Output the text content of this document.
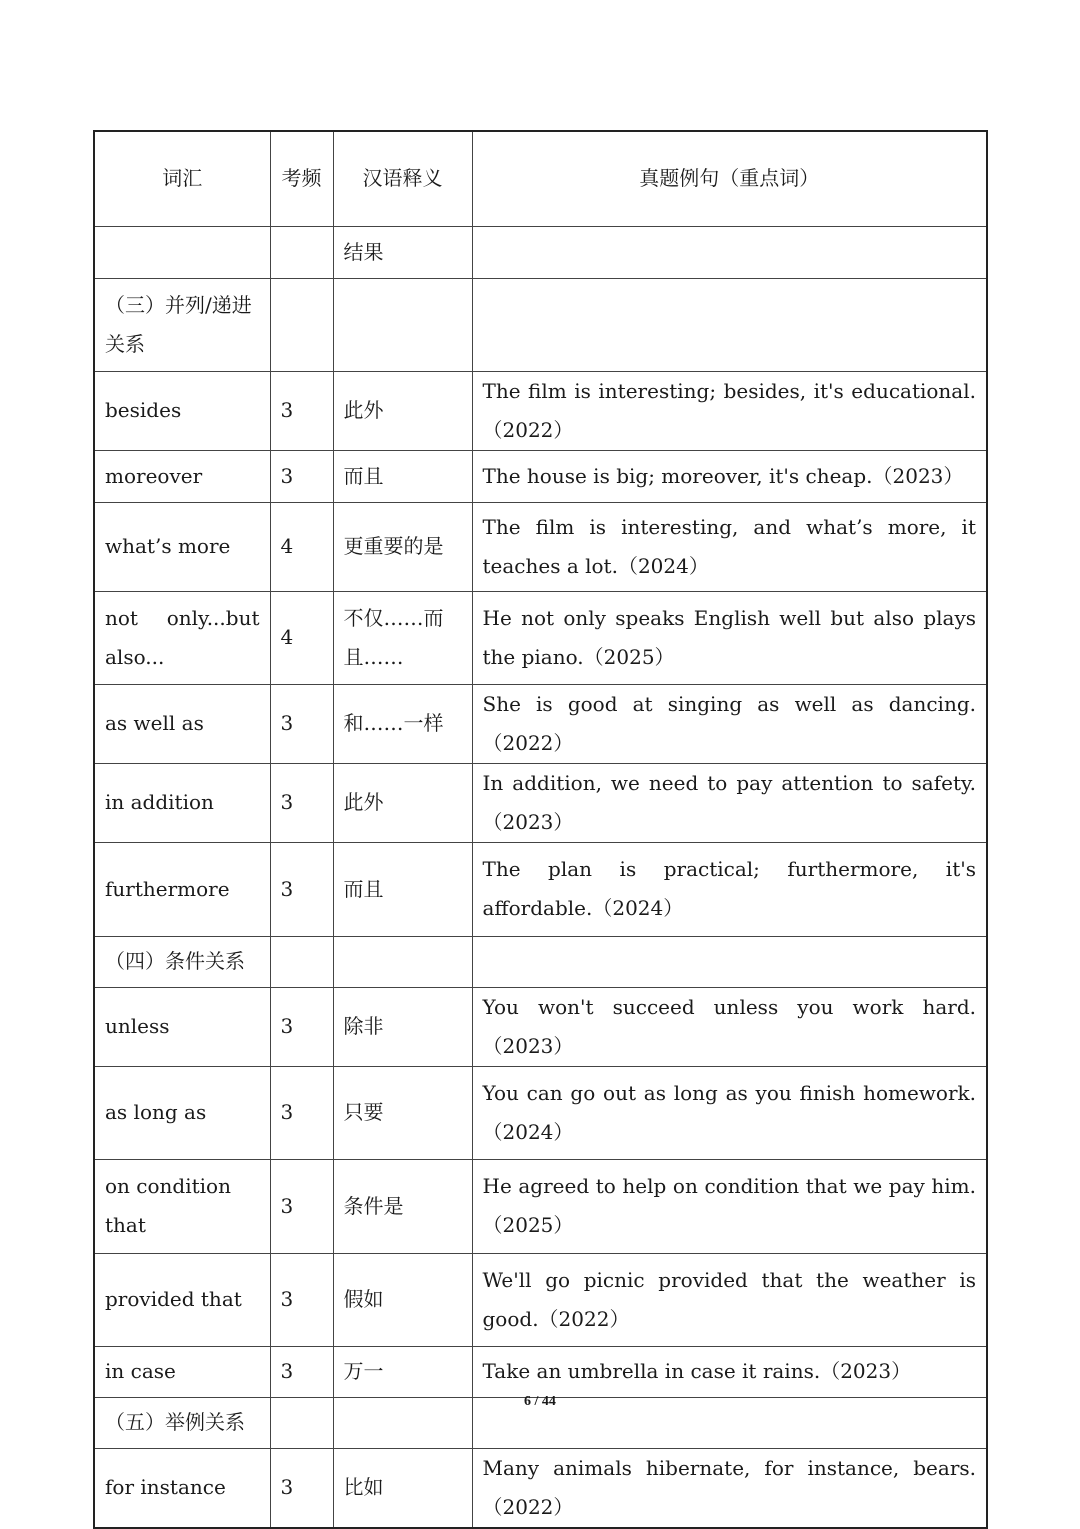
词汇	考频	汉语释义	真题例句（重点词）
		结果	
（三）并列/递进关系			
besides	3	此外	The film is interesting; besides, it's educational.（2022）
moreover	3	而且	The house is big; moreover, it's cheap.（2023）
what’s more	4	更重要的是	The film is interesting, and what’s more, it teaches a lot.（2024）
not only...but also...	4	不仅……而且……	He not only speaks English well but also plays the piano.（2025）
as well as	3	和……一样	She is good at singing as well as dancing.（2022）
in addition	3	此外	In addition, we need to pay attention to safety.（2023）
furthermore	3	而且	The plan is practical; furthermore, it's affordable.（2024）
（四）条件关系			
unless	3	除非	You won't succeed unless you work hard.（2023）
as long as	3	只要	You can go out as long as you finish homework.（2024）
on condition that	3	条件是	He agreed to help on condition that we pay him.（2025）
provided that	3	假如	We'll go picnic provided that the weather is good.（2022）
in case	3	万一	Take an umbrella in case it rains.（2023）
（五）举例关系			
for instance	3	比如	Many animals hibernate, for instance, bears.（2022）
6 / 44
